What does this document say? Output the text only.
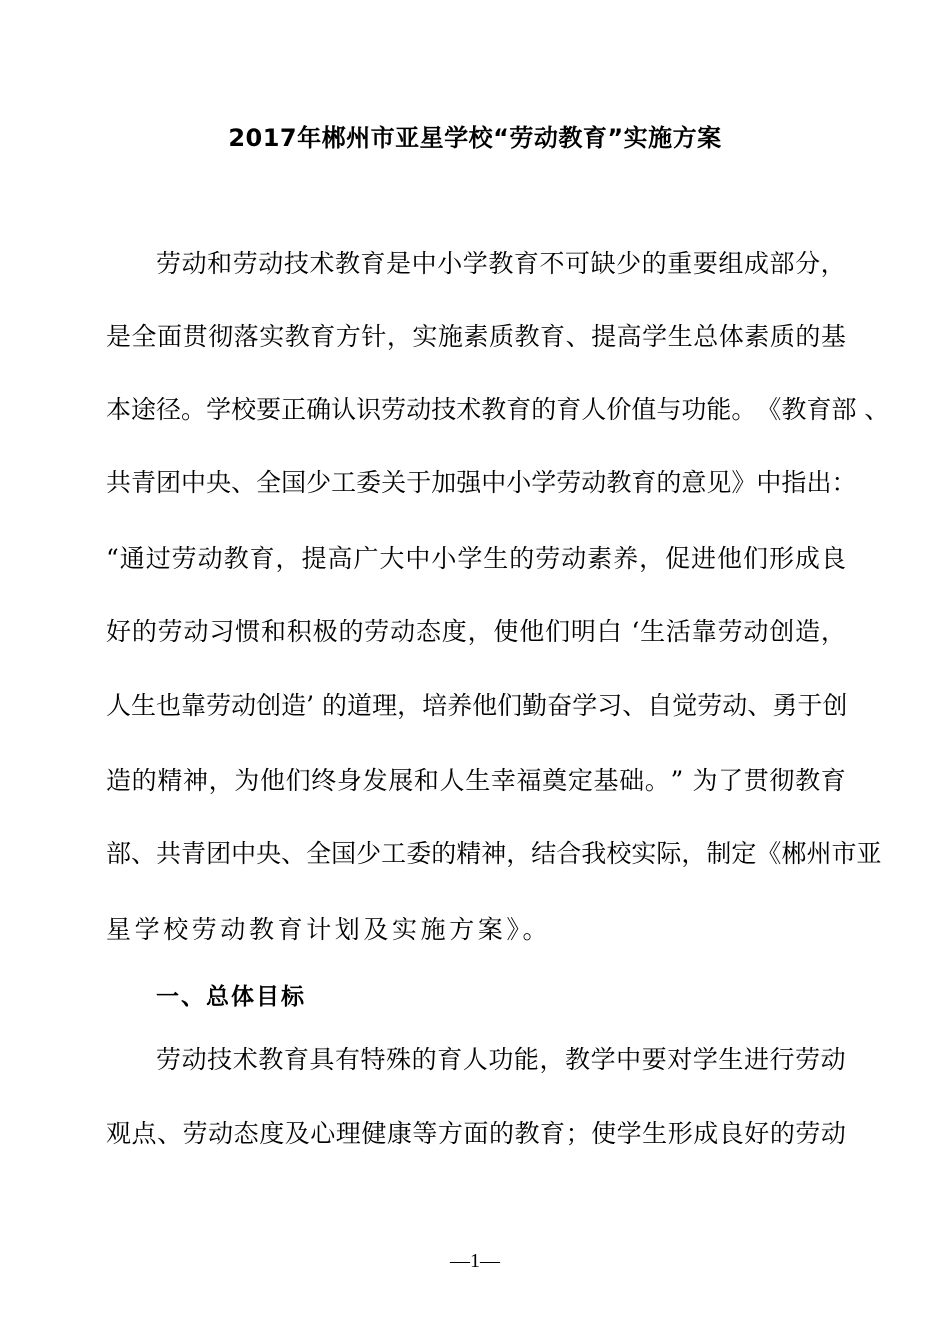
2017年郴州市亚星学校“劳动教育”实施方案
劳 动 和 劳 动 技 术 教 育 是 中 小 学 教 育 不 可 缺 少 的 重 要 组 成 部 分 ，
是 全 面 贯 彻 落 实 教 育 方 针 ， 实 施 素 质 教 育 、 提 高 学 生 总 体 素 质 的 基
本 途 径 。 学 校 要 正 确 认 识 劳 动 技 术 教 育 的 育 人 价 值 与 功 能 。 《 教 育 部
、
共 青 团 中 央 、 全 国 少 工 委 关 于 加 强 中 小 学 劳 动 教 育 的 意 见 》 中 指 出 ：
“ 通 过 劳 动 教 育 ， 提 高 广 大 中 小 学 生 的 劳 动 素 养 ， 促 进 他 们 形 成 良
好 的 劳 动 习 惯 和 积 极 的 劳 动 态 度 ， 使 他 们 明 白
‘ 生 活 靠 劳 动 创 造 ，
人 生 也 靠 劳 动 创 造 ’
的 道 理 ， 培 养 他 们 勤 奋 学 习 、 自 觉 劳 动 、 勇 于 创
造 的 精 神 ， 为 他 们 终 身 发 展 和 人 生 幸 福 奠 定 基 础 。 ”
为 了 贯 彻 教 育
部 、 共 青 团 中 央 、 全 国 少 工 委 的 精 神 ， 结 合 我 校 实 际 ， 制 定 《 郴 州 市 亚
星学校劳动教育计划及实施方案》。
一、总体目标
劳 动 技 术 教 育 具 有 特 殊 的 育 人 功 能 ， 教 学 中 要 对 学 生 进 行 劳 动
观 点 、 劳 动 态 度 及 心 理 健 康 等 方 面 的 教 育 ； 使 学 生 形 成 良 好 的 劳 动
—1—
